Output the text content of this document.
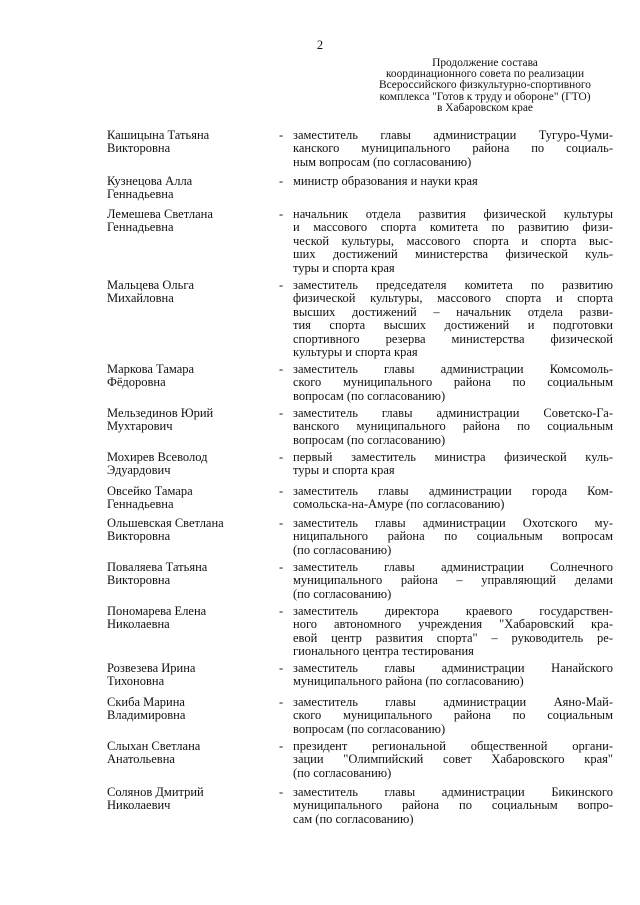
2
Продолжение состава
координационного совета по реализации
Всероссийского физкультурно-спортивного
комплекса "Готов к труду и обороне" (ГТО)
в Хабаровском крае
Кашицына Татьяна
Викторовна
- заместитель главы администрации Тугуро-Чуми-
канского муниципального района по социаль-
ным вопросам (по согласованию)
Кузнецова Алла
Геннадьевна
- министр образования и науки края
Лемешева Светлана
Геннадьевна
- начальник отдела развития физической культуры
и массового спорта комитета по развитию физи-
ческой культуры, массового спорта и спорта выс-
ших достижений министерства физической куль-
туры и спорта края
Мальцева Ольга
Михайловна
- заместитель председателя комитета по развитию
физической культуры, массового спорта и спорта
высших достижений – начальник отдела разви-
тия спорта высших достижений и подготовки
спортивного резерва министерства физической
культуры и спорта края
Маркова Тамара
Фёдоровна
- заместитель главы администрации Комсомоль-
ского муниципального района по социальным
вопросам (по согласованию)
Мельзединов Юрий
Мухтарович
- заместитель главы администрации Советско-Га-
ванского муниципального района по социальным
вопросам (по согласованию)
Мохирев Всеволод
Эдуардович
- первый заместитель министра физической куль-
туры и спорта края
Овсейко Тамара
Геннадьевна
- заместитель главы администрации города Ком-
сомольска-на-Амуре (по согласованию)
Ольшевская Светлана
Викторовна
- заместитель главы администрации Охотского му-
ниципального района по социальным вопросам
(по согласованию)
Поваляева Татьяна
Викторовна
- заместитель главы администрации Солнечного
муниципального района – управляющий делами
(по согласованию)
Пономарева Елена
Николаевна
- заместитель директора краевого государствен-
ного автономного учреждения "Хабаровский кра-
евой центр развития спорта" – руководитель ре-
гионального центра тестирования
Розвезева Ирина
Тихоновна
- заместитель главы администрации Нанайского
муниципального района (по согласованию)
Скиба Марина
Владимировна
- заместитель главы администрации Аяно-Май-
ского муниципального района по социальным
вопросам (по согласованию)
Слыхан Светлана
Анатольевна
- президент региональной общественной органи-
зации "Олимпийский совет Хабаровского края"
(по согласованию)
Солянов Дмитрий
Николаевич
- заместитель главы администрации Бикинского
муниципального района по социальным вопро-
сам (по согласованию)
